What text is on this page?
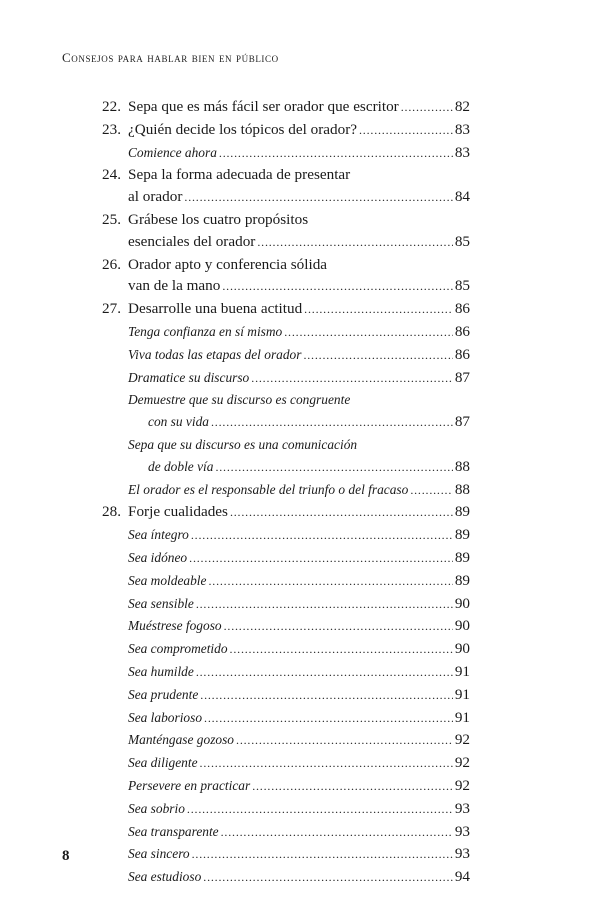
Consejos para hablar bien en público
22. Sepa que es más fácil ser orador que escritor . . .	82
23. ¿Quién decide los tópicos del orador? . . .	83
Comience ahora . . .	83
24. Sepa la forma adecuada de presentar
al orador . . .	84
25. Grábese los cuatro propósitos
esenciales del orador . . .	85
26. Orador apto y conferencia sólida
van de la mano . . .	85
27. Desarrolle una buena actitud . . .	86
Tenga confianza en sí mismo . . .	86
Viva todas las etapas del orador . . .	86
Dramatice su discurso . . .	87
Demuestre que su discurso es congruente
con su vida . . .	87
Sepa que su discurso es una comunicación
de doble vía . . .	88
El orador es el responsable del triunfo o del fracaso . . .	88
28. Forje cualidades . . .	89
Sea íntegro . . .	89
Sea idóneo . . .	89
Sea moldeable . . .	89
Sea sensible . . .	90
Muéstrese fogoso . . .	90
Sea comprometido . . .	90
Sea humilde . . .	91
Sea prudente . . .	91
Sea laborioso . . .	91
Manténgase gozoso . . .	92
Sea diligente . . .	92
Persevere en practicar . . .	92
Sea sobrio . . .	93
Sea transparente . . .	93
Sea sincero . . .	93
Sea estudioso . . .	94
8
